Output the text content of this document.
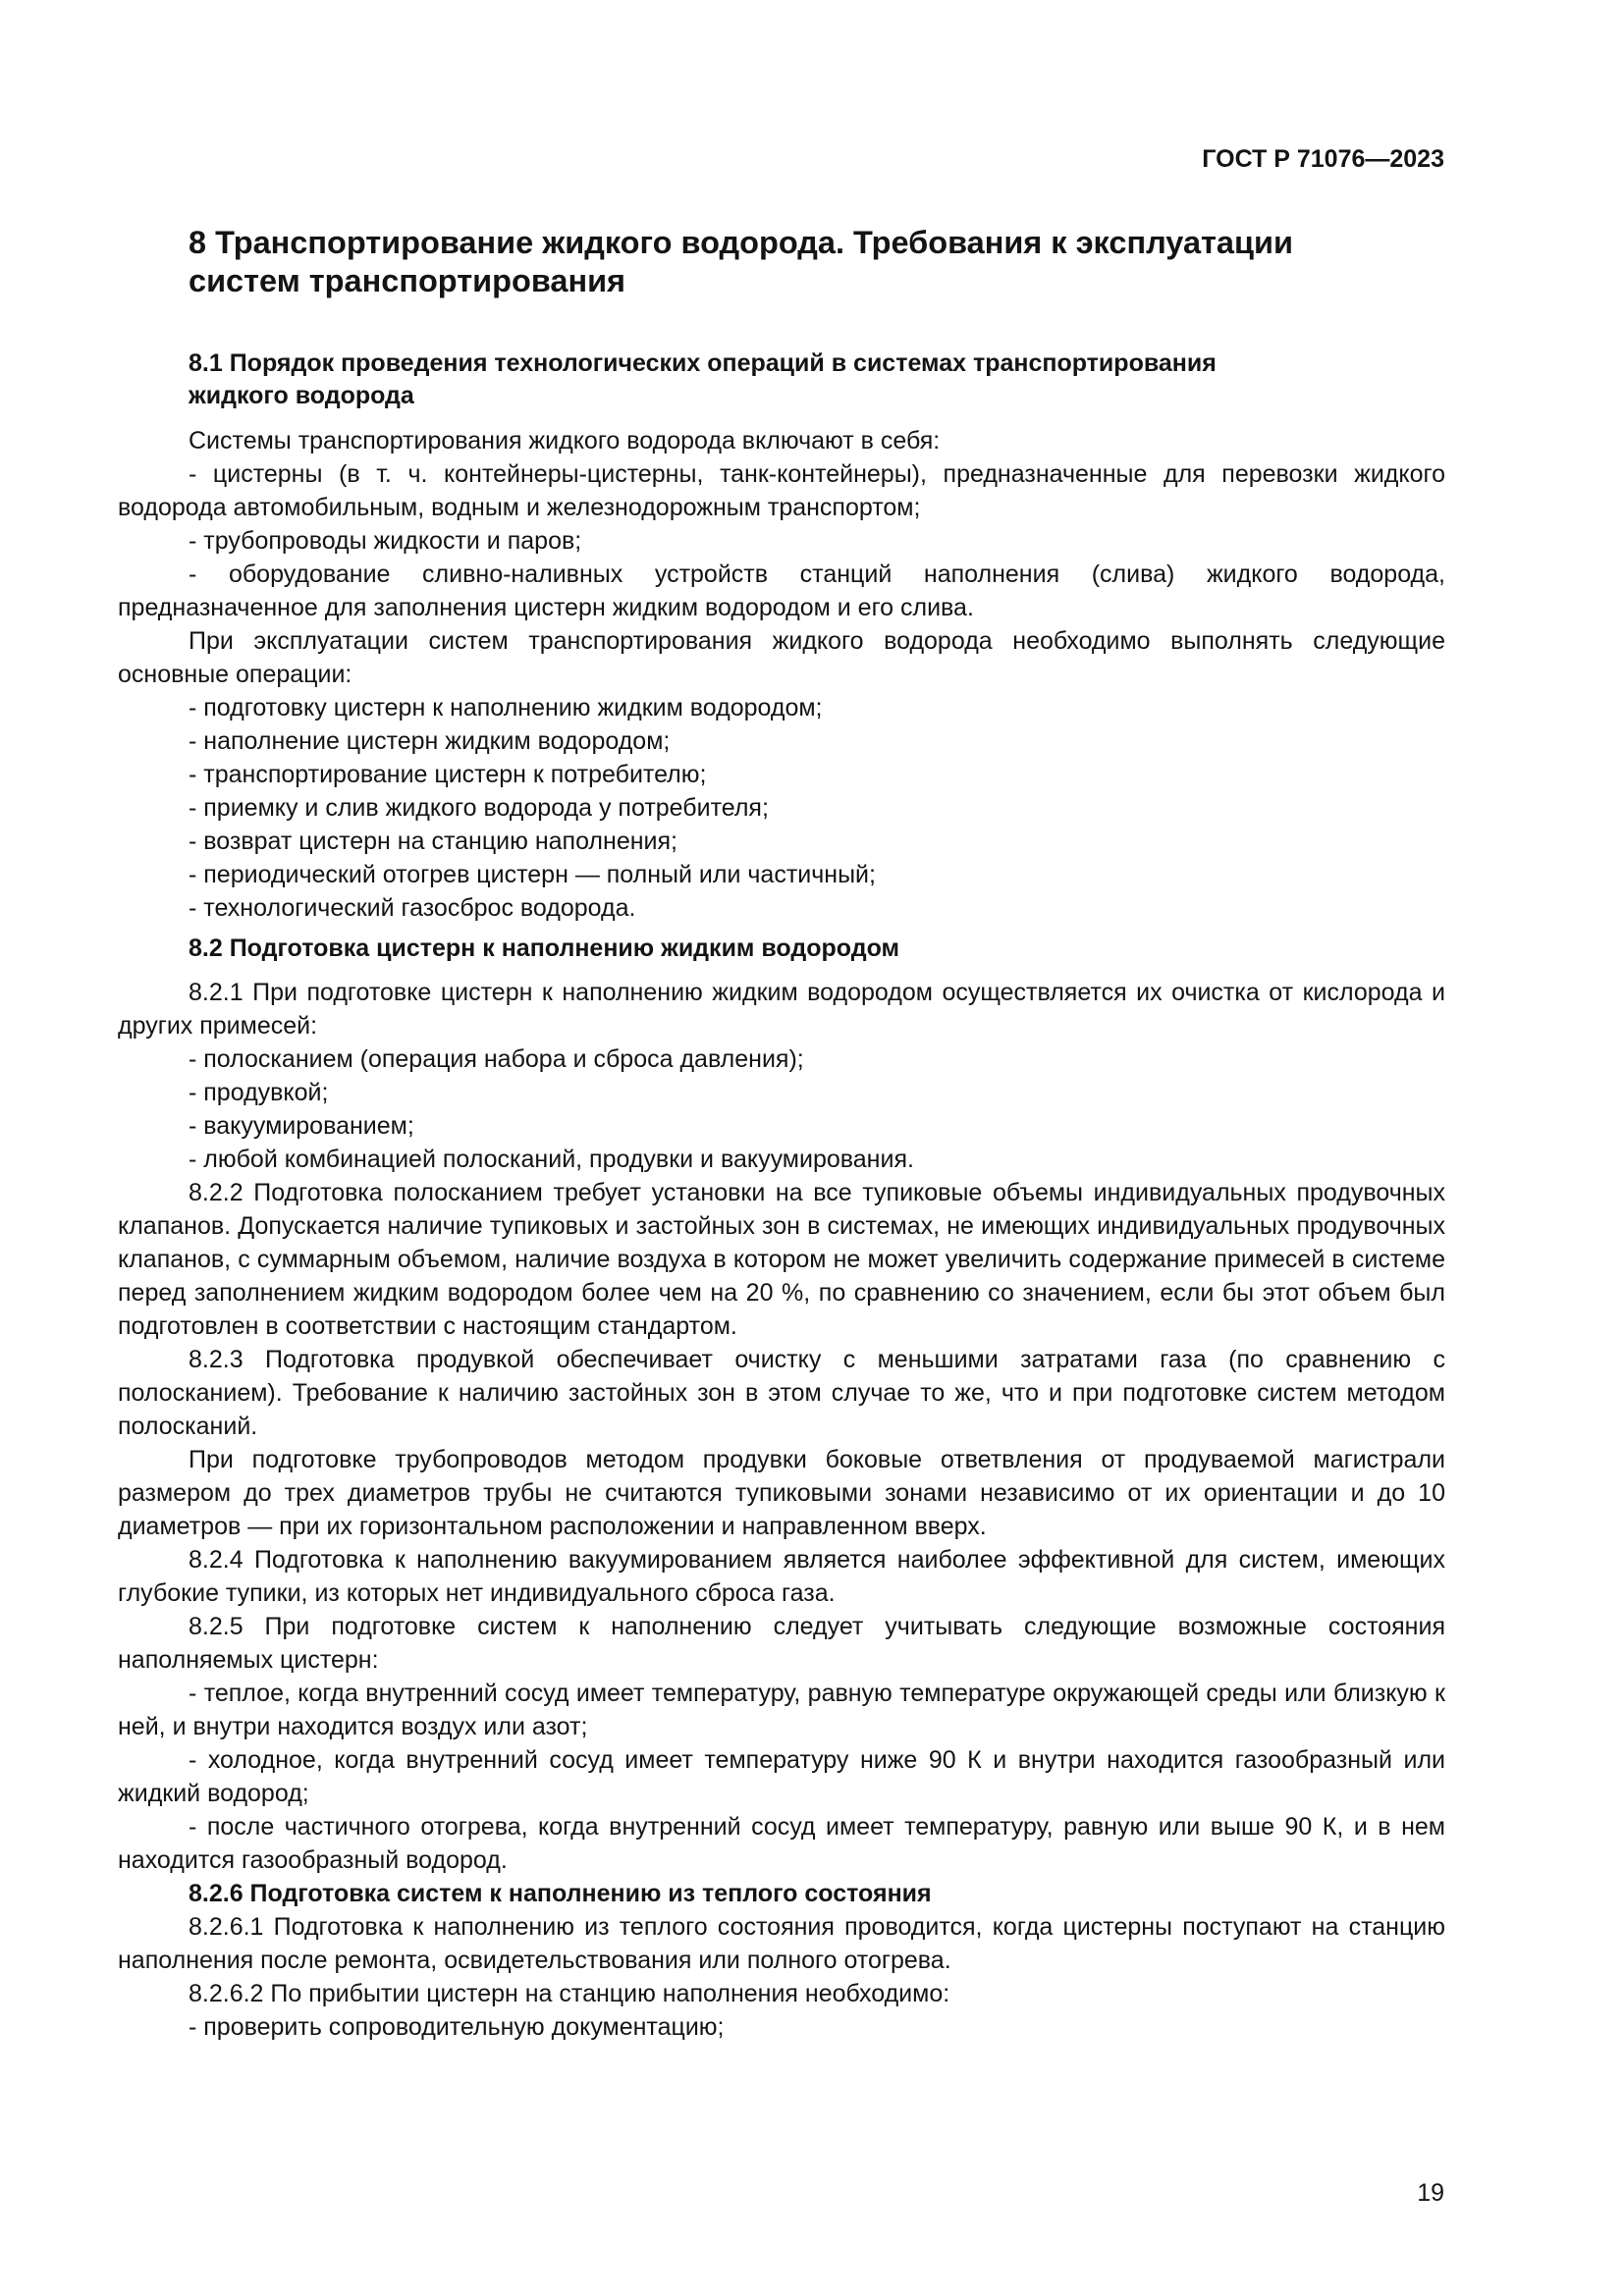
ГОСТ Р 71076—2023
8 Транспортирование жидкого водорода. Требования к эксплуатации
систем транспортирования
8.1 Порядок проведения технологических операций в системах транспортирования
жидкого водорода

Системы транспортирования жидкого водорода включают в себя:

- цистерны (в т. ч. контейнеры-цистерны, танк-контейнеры), предназначенные для перевозки жидкого водорода автомобильным, водным и железнодорожным транспортом;

- трубопроводы жидкости и паров;

- оборудование сливно-наливных устройств станций наполнения (слива) жидкого водорода, предназначенное для заполнения цистерн жидким водородом и его слива.

При эксплуатации систем транспортирования жидкого водорода необходимо выполнять следующие основные операции:

- подготовку цистерн к наполнению жидким водородом;

- наполнение цистерн жидким водородом;

- транспортирование цистерн к потребителю;

- приемку и слив жидкого водорода у потребителя;

- возврат цистерн на станцию наполнения;

- периодический отогрев цистерн — полный или частичный;

- технологический газосброс водорода.

8.2 Подготовка цистерн к наполнению жидким водородом

8.2.1 При подготовке цистерн к наполнению жидким водородом осуществляется их очистка от кислорода и других примесей:

- полосканием (операция набора и сброса давления);

- продувкой;

- вакуумированием;

- любой комбинацией полосканий, продувки и вакуумирования.

8.2.2 Подготовка полосканием требует установки на все тупиковые объемы индивидуальных продувочных клапанов. Допускается наличие тупиковых и застойных зон в системах, не имеющих индивидуальных продувочных клапанов, с суммарным объемом, наличие воздуха в котором не может увеличить содержание примесей в системе перед заполнением жидким водородом более чем на 20 %, по сравнению со значением, если бы этот объем был подготовлен в соответствии с настоящим стандартом.

8.2.3 Подготовка продувкой обеспечивает очистку с меньшими затратами газа (по сравнению с полосканием). Требование к наличию застойных зон в этом случае то же, что и при подготовке систем методом полосканий.

При подготовке трубопроводов методом продувки боковые ответвления от продуваемой магистрали размером до трех диаметров трубы не считаются тупиковыми зонами независимо от их ориентации и до 10 диаметров — при их горизонтальном расположении и направленном вверх.

8.2.4 Подготовка к наполнению вакуумированием является наиболее эффективной для систем, имеющих глубокие тупики, из которых нет индивидуального сброса газа.

8.2.5 При подготовке систем к наполнению следует учитывать следующие возможные состояния наполняемых цистерн:

- теплое, когда внутренний сосуд имеет температуру, равную температуре окружающей среды или близкую к ней, и внутри находится воздух или азот;

- холодное, когда внутренний сосуд имеет температуру ниже 90 К и внутри находится газообразный или жидкий водород;

- после частичного отогрева, когда внутренний сосуд имеет температуру, равную или выше 90 К, и в нем находится газообразный водород.

8.2.6 Подготовка систем к наполнению из теплого состояния

8.2.6.1 Подготовка к наполнению из теплого состояния проводится, когда цистерны поступают на станцию наполнения после ремонта, освидетельствования или полного отогрева.

8.2.6.2 По прибытии цистерн на станцию наполнения необходимо:

- проверить сопроводительную документацию;

19
